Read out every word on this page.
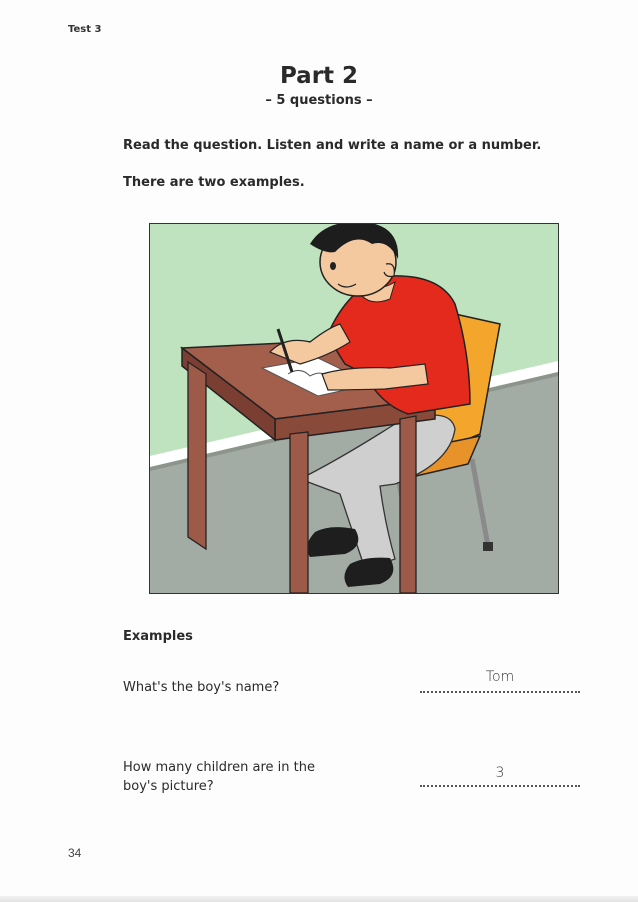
Test 3
Part 2
– 5 questions –
Read the question. Listen and write a name or a number.
There are two examples.
Examples
What's the boy's name?
Tom
How many children are in the boy's picture?
3
34
